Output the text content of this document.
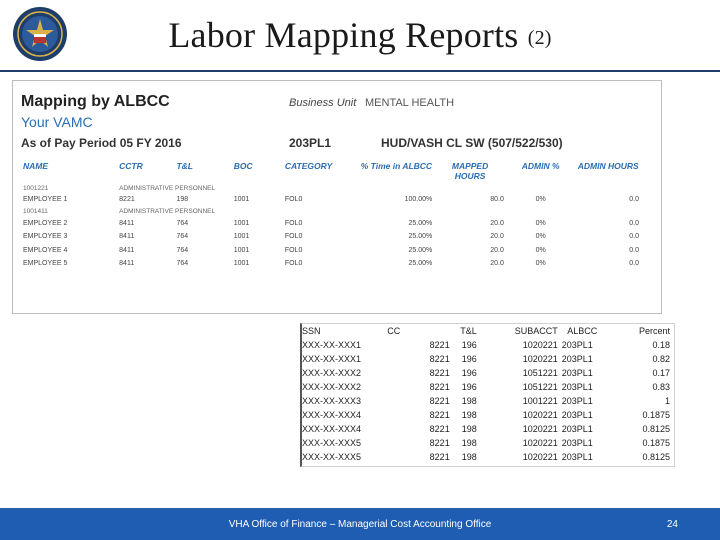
Labor Mapping Reports (2)
Mapping by ALBCC
Your VAMC
As of Pay Period 05 FY 2016
Business Unit MENTAL HEALTH
203PL1	HUD/VASH CL SW (507/522/530)
NAME	CCTR	T&L	BOC	CATEGORY	% Time in ALBCC	MAPPED HOURS	ADMIN %	ADMIN HOURS
1001221	ADMINISTRATIVE PERSONNEL							
EMPLOYEE 1	8221	198	1001	FOL0	100.00%	80.0	0%	0.0
1001411	ADMINISTRATIVE PERSONNEL							
EMPLOYEE 2	8411	764	1001	FOL0	25.00%	20.0	0%	0.0
EMPLOYEE 3	8411	764	1001	FOL0	25.00%	20.0	0%	0.0
EMPLOYEE 4	8411	764	1001	FOL0	25.00%	20.0	0%	0.0
EMPLOYEE 5	8411	764	1001	FOL0	25.00%	20.0	0%	0.0
SSN	CC	T&L	SUBACCT	ALBCC	Percent
XXX-XX-XXX1	8221	196	1020221	203PL1	0.18
XXX-XX-XXX1	8221	196	1020221	203PL1	0.82
XXX-XX-XXX2	8221	196	1051221	203PL1	0.17
XXX-XX-XXX2	8221	196	1051221	203PL1	0.83
XXX-XX-XXX3	8221	198	1001221	203PL1	1
XXX-XX-XXX4	8221	198	1020221	203PL1	0.1875
XXX-XX-XXX4	8221	198	1020221	203PL1	0.8125
XXX-XX-XXX5	8221	198	1020221	203PL1	0.1875
XXX-XX-XXX5	8221	198	1020221	203PL1	0.8125
VHA Office of Finance – Managerial Cost Accounting Office	24
